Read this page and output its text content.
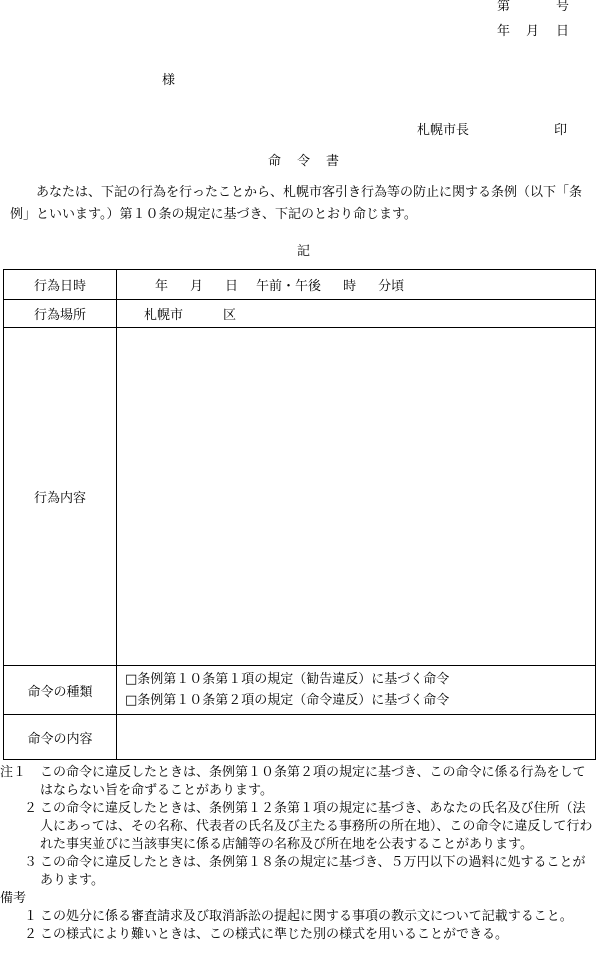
第	号
年 月 日
様
札幌市長	印
命 令 書
あなたは、下記の行為を行ったことから、札幌市客引き行為等の防止に関する条例（以下「条例」といいます。）第１０条の規定に基づき、下記のとおり命じます。
記
行為日時	年 月 日 午前・午後 時 分頃
行為場所	札幌市 区
行為内容	
命令の種類	□条例第１０条第１項の規定（勧告違反）に基づく命令
□条例第１０条第２項の規定（命令違反）に基づく命令

命令の内容	
注１ この命令に違反したときは、条例第１０条第２項の規定に基づき、この命令に係る行為をしてはならない旨を命ずることがあります。
２ この命令に違反したときは、条例第１２条第１項の規定に基づき、あなたの氏名及び住所（法人にあっては、その名称、代表者の氏名及び主たる事務所の所在地）、この命令に違反して行われた事実並びに当該事実に係る店舗等の名称及び所在地を公表することがあります。
３ この命令に違反したときは、条例第１８条の規定に基づき、５万円以下の過料に処することがあります。
備考
１ この処分に係る審査請求及び取消訴訟の提起に関する事項の教示文について記載すること。
２ この様式により難いときは、この様式に準じた別の様式を用いることができる。
